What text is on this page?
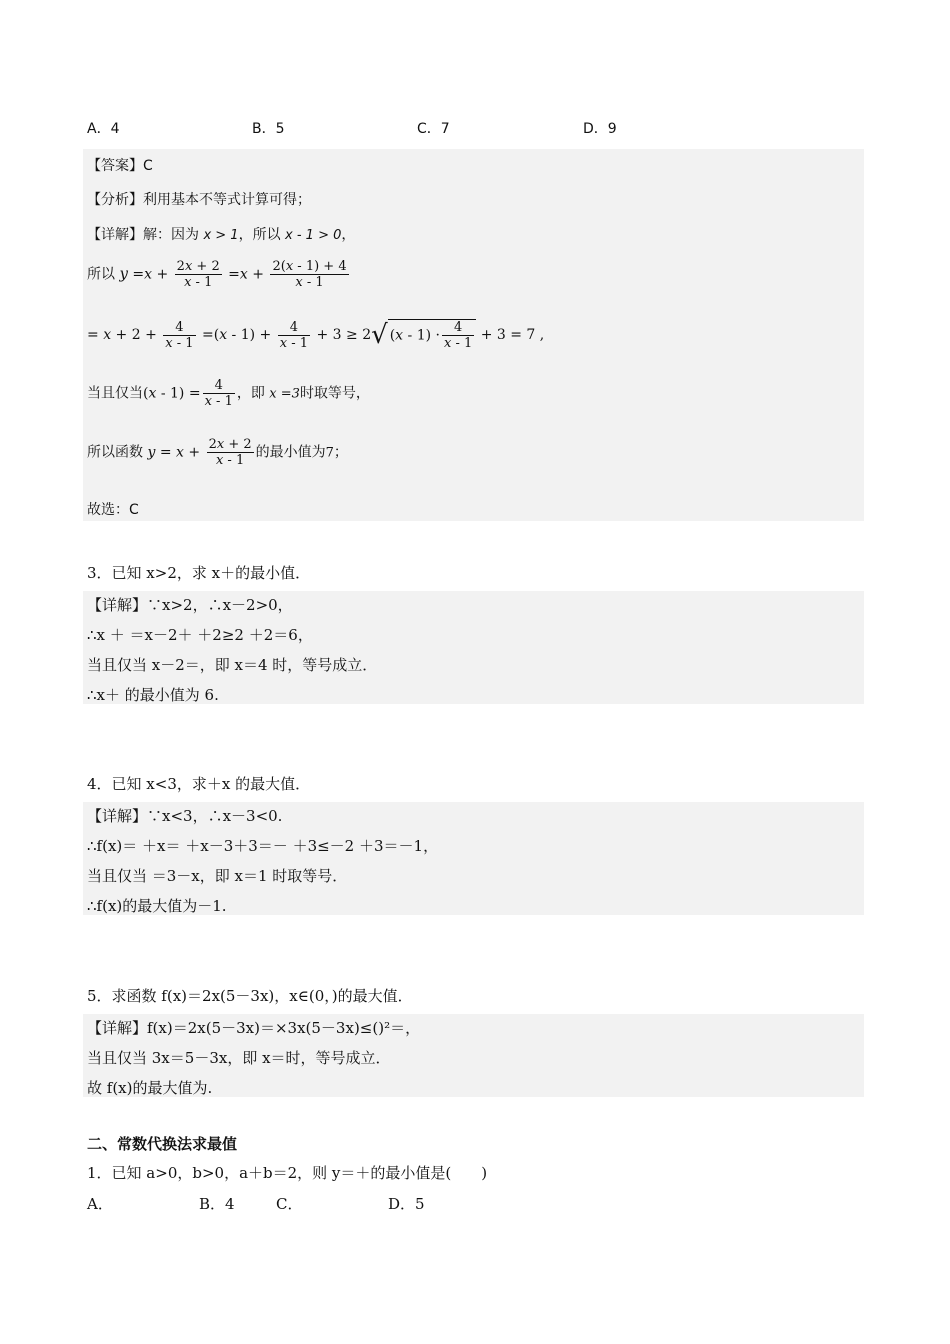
A．4	B．5	C．7	D．9
【答案】C
【分析】利用基本不等式计算可得；
【详解】解：因为 x > 1，所以 x - 1 > 0，
所以 $y =x + \frac{2x + 2}{x - 1} =x + \frac{2(x - 1) + 4}{x - 1}$
= $x + 2 + \frac{4}{x - 1} =(x - 1) + \frac{4}{x - 1} + 3 \ge 2√$ $(x - 1) \cdot \frac{4}{x - 1} + 3 = 7$ ,
当且仅当$(x - 1) = \frac{4}{x - 1}$ ，即 x =3时取等号，
所以函数 $y = x + \frac{2x + 2}{x - 1}$ 的最小值为7；
故选：C
3．已知 x>2，求 x＋的最小值．
【详解】∵x>2，∴x－2>0，
∴x ＋ ＝x－2＋ ＋2≥2 ＋2＝6，
当且仅当 x－2＝，即 x＝4 时，等号成立．
∴x＋ 的最小值为 6.
4．已知 x<3，求＋x 的最大值．
【详解】∵x<3，∴x－3<0.
∴f(x)＝ ＋x＝ ＋x－3＋3＝－ ＋3≤－2 ＋3＝－1，
当且仅当 ＝3－x，即 x＝1 时取等号．
∴f(x)的最大值为－1.
5．求函数 f(x)＝2x(5－3x)，x∈(0，)的最大值．
【详解】f(x)＝2x(5－3x)＝×3x(5－3x)≤()²＝，
当且仅当 3x＝5－3x，即 x＝时，等号成立．
故 f(x)的最大值为.
二、常数代换法求最值
1．已知 a>0，b>0，a＋b＝2，则 y＝＋的最小值是(　　)
A．	B．4	C．	D．5
